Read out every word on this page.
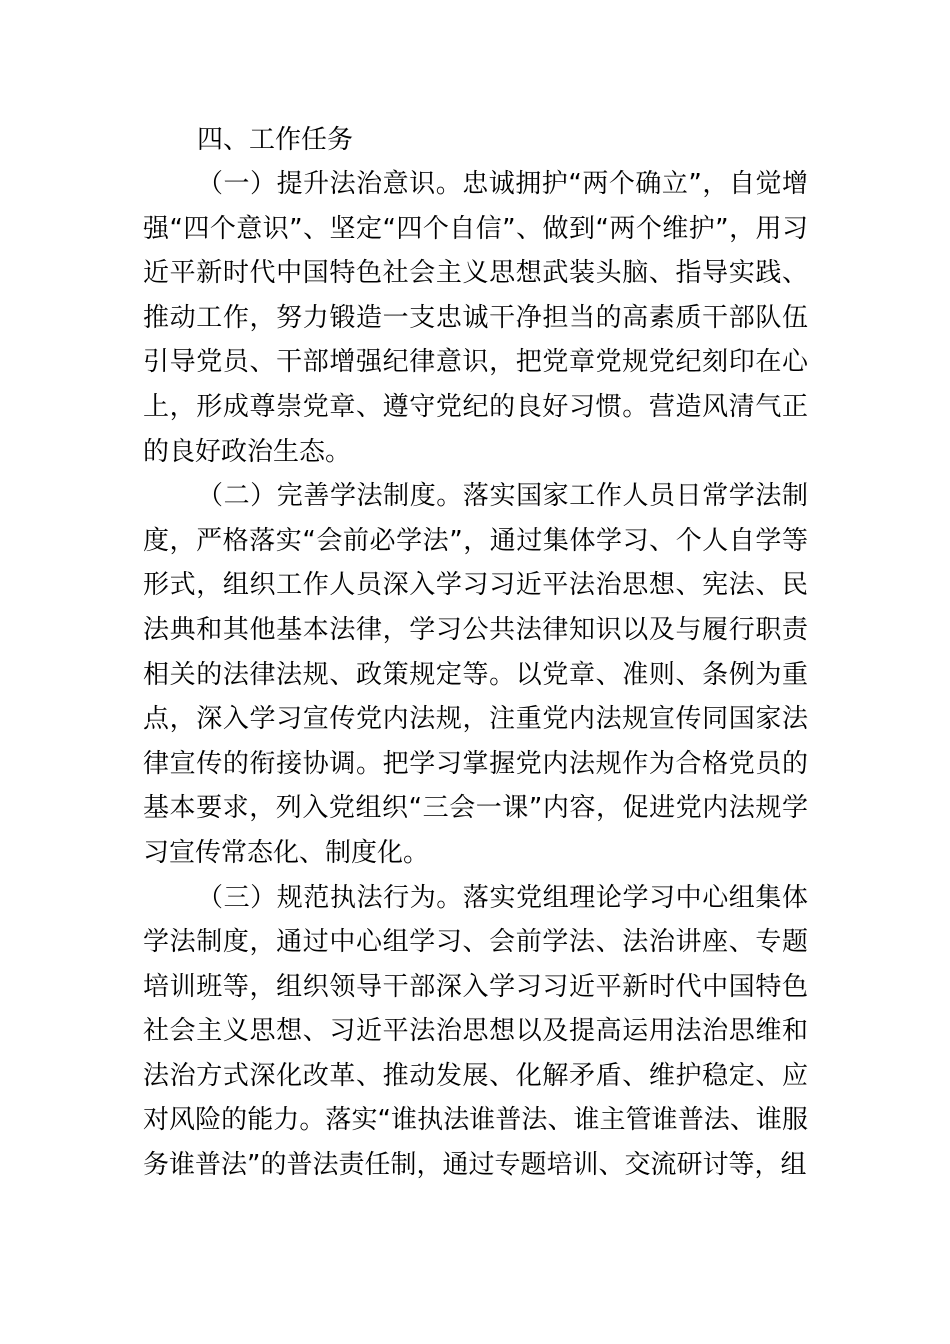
四、工作任务

（一）提升法治意识。忠诚拥护“两个确立”，自觉增强“四个意识”、坚定“四个自信”、做到“两个维护”，用习近平新时代中国特色社会主义思想武装头脑、指导实践、推动工作，努力锻造一支忠诚干净担当的高素质干部队伍引导党员、干部增强纪律意识，把党章党规党纪刻印在心上，形成尊崇党章、遵守党纪的良好习惯。营造风清气正的良好政治生态。

（二）完善学法制度。落实国家工作人员日常学法制度，严格落实“会前必学法”，通过集体学习、个人自学等形式，组织工作人员深入学习习近平法治思想、宪法、民法典和其他基本法律，学习公共法律知识以及与履行职责相关的法律法规、政策规定等。以党章、准则、条例为重点，深入学习宣传党内法规，注重党内法规宣传同国家法律宣传的衔接协调。把学习掌握党内法规作为合格党员的基本要求，列入党组织“三会一课”内容，促进党内法规学习宣传常态化、制度化。

（三）规范执法行为。落实党组理论学习中心组集体学法制度，通过中心组学习、会前学法、法治讲座、专题培训班等，组织领导干部深入学习习近平新时代中国特色社会主义思想、习近平法治思想以及提高运用法治思维和法治方式深化改革、推动发展、化解矛盾、维护稳定、应对风险的能力。落实“谁执法谁普法、谁主管谁普法、谁服务谁普法”的普法责任制，通过专题培训、交流研讨等，组
